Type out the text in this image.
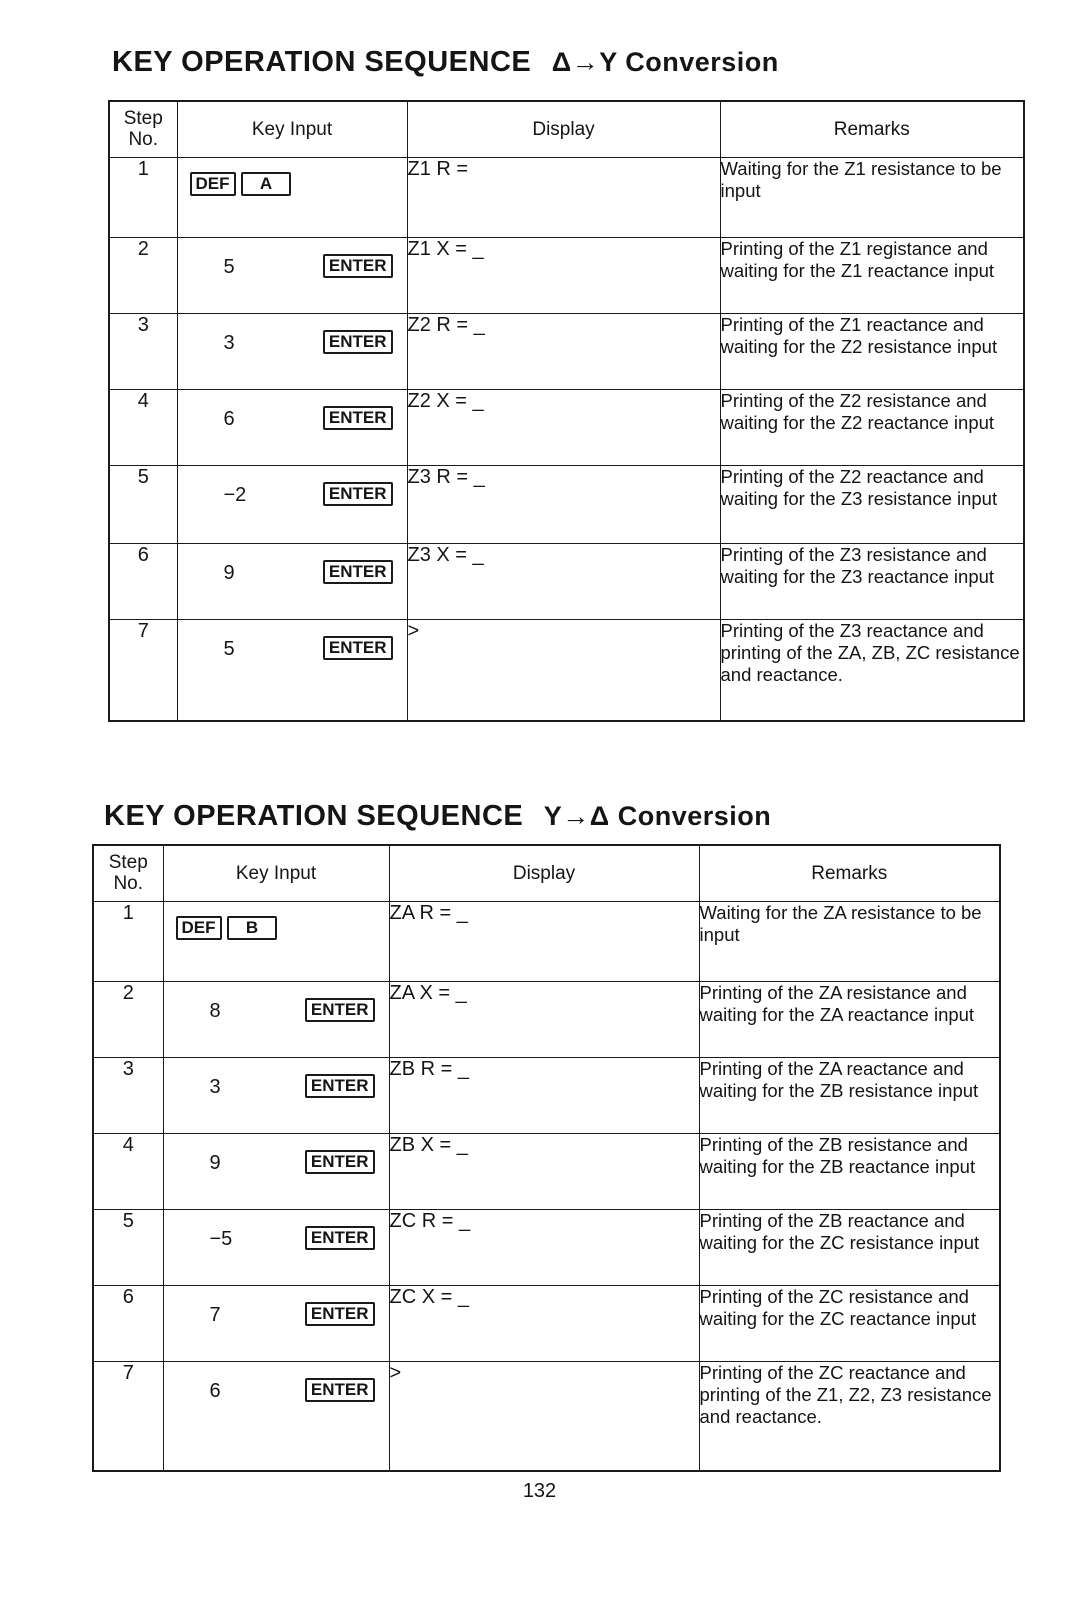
KEY OPERATION SEQUENCE Δ→Y Conversion
Step No.	Key Input	Display	Remarks
1	DEF A	Z1 R =	Waiting for the Z1 resistance to be input
2	5 ENTER	Z1 X = _	Printing of the Z1 registance and waiting for the Z1 reactance input
3	3 ENTER	Z2 R = _	Printing of the Z1 reactance and waiting for the Z2 resistance input
4	6 ENTER	Z2 X = _	Printing of the Z2 resistance and waiting for the Z2 reactance input
5	−2 ENTER	Z3 R = _	Printing of the Z2 reactance and waiting for the Z3 resistance input
6	9 ENTER	Z3 X = _	Printing of the Z3 resistance and waiting for the Z3 reactance input
7	5 ENTER	>	Printing of the Z3 reactance and printing of the ZA, ZB, ZC resistance and reactance.
KEY OPERATION SEQUENCE Y→Δ Conversion
Step No.	Key Input	Display	Remarks
1	DEF B	ZA R = _	Waiting for the ZA resistance to be input
2	8 ENTER	ZA X = _	Printing of the ZA resistance and waiting for the ZA reactance input
3	3 ENTER	ZB R = _	Printing of the ZA reactance and waiting for the ZB resistance input
4	9 ENTER	ZB X = _	Printing of the ZB resistance and waiting for the ZB reactance input
5	−5 ENTER	ZC R = _	Printing of the ZB reactance and waiting for the ZC resistance input
6	7 ENTER	ZC X = _	Printing of the ZC resistance and waiting for the ZC reactance input
7	6 ENTER	>	Printing of the ZC reactance and printing of the Z1, Z2, Z3 resistance and reactance.
132
